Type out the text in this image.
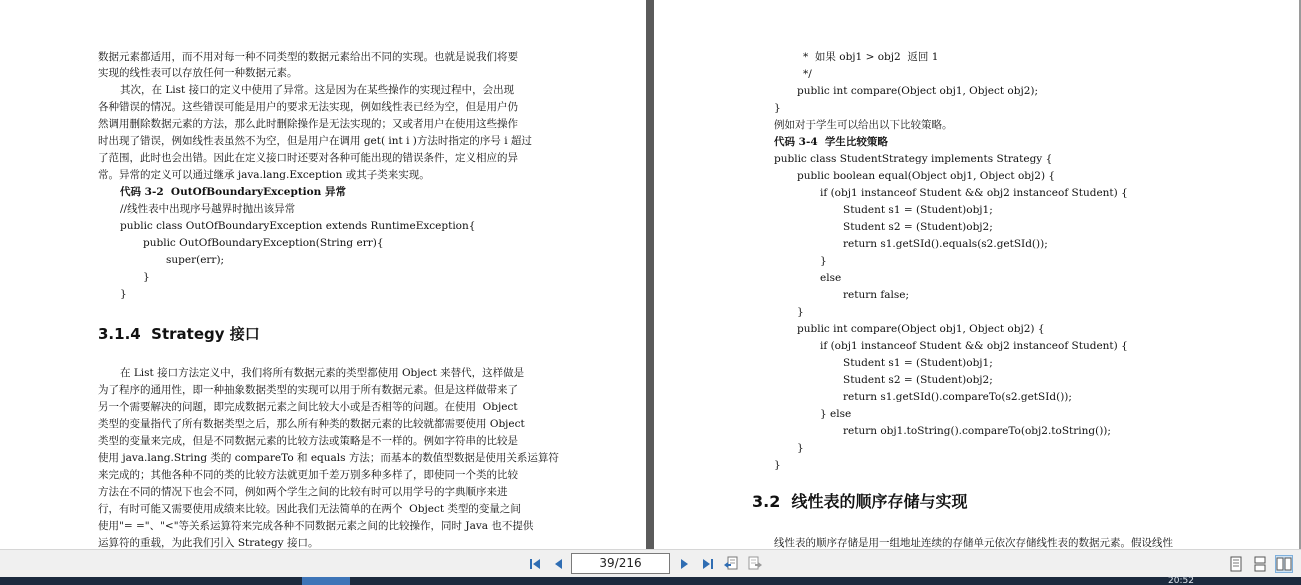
数据元素都适用，而不用对每一种不同类型的数据元素给出不同的实现。也就是说我们将要
实现的线性表可以存放任何一种数据元素。
其次，在 List 接口的定义中使用了异常。这是因为在某些操作的实现过程中，会出现
各种错误的情况。这些错误可能是用户的要求无法实现，例如线性表已经为空，但是用户仍
然调用删除数据元素的方法，那么此时删除操作是无法实现的；又或者用户在使用这些操作
时出现了错误，例如线性表虽然不为空，但是用户在调用 get( int i )方法时指定的序号 i 超过
了范围，此时也会出错。因此在定义接口时还要对各种可能出现的错误条件，定义相应的异
常。异常的定义可以通过继承 java.lang.Exception 或其子类来实现。
代码 3-2  OutOfBoundaryException 异常
//线性表中出现序号越界时抛出该异常
public class OutOfBoundaryException extends RuntimeException{
public OutOfBoundaryException(String err){
super(err);
}
}
3.1.4  Strategy 接口
在 List 接口方法定义中，我们将所有数据元素的类型都使用 Object 来替代，这样做是
为了程序的通用性，即一种抽象数据类型的实现可以用于所有数据元素。但是这样做带来了
另一个需要解决的问题，即完成数据元素之间比较大小或是否相等的问题。在使用  Object
类型的变量指代了所有数据类型之后，那么所有种类的数据元素的比较就都需要使用 Object
类型的变量来完成，但是不同数据元素的比较方法或策略是不一样的。例如字符串的比较是
使用 java.lang.String 类的 compareTo 和 equals 方法；而基本的数值型数据是使用关系运算符
来完成的；其他各种不同的类的比较方法就更加千差万别多种多样了，即使同一个类的比较
方法在不同的情况下也会不同，例如两个学生之间的比较有时可以用学号的字典顺序来进
行，有时可能又需要使用成绩来比较。因此我们无法简单的在两个  Object 类型的变量之间
使用"= ="、"<"等关系运算符来完成各种不同数据元素之间的比较操作，同时 Java 也不提供
运算符的重载，为此我们引入 Strategy 接口。
*  如果 obj1 > obj2  返回 1
*/
public int compare(Object obj1, Object obj2);
}
例如对于学生可以给出以下比较策略。
代码 3-4  学生比较策略
public class StudentStrategy implements Strategy {
public boolean equal(Object obj1, Object obj2) {
if (obj1 instanceof Student && obj2 instanceof Student) {
Student s1 = (Student)obj1;
Student s2 = (Student)obj2;
return s1.getSId().equals(s2.getSId());
}
else
return false;
}
public int compare(Object obj1, Object obj2) {
if (obj1 instanceof Student && obj2 instanceof Student) {
Student s1 = (Student)obj1;
Student s2 = (Student)obj2;
return s1.getSId().compareTo(s2.getSId());
} else
return obj1.toString().compareTo(obj2.toString());
}
}
3.2  线性表的顺序存储与实现
线性表的顺序存储是用一组地址连续的存储单元依次存储线性表的数据元素。假设线性
39/216
20:52
